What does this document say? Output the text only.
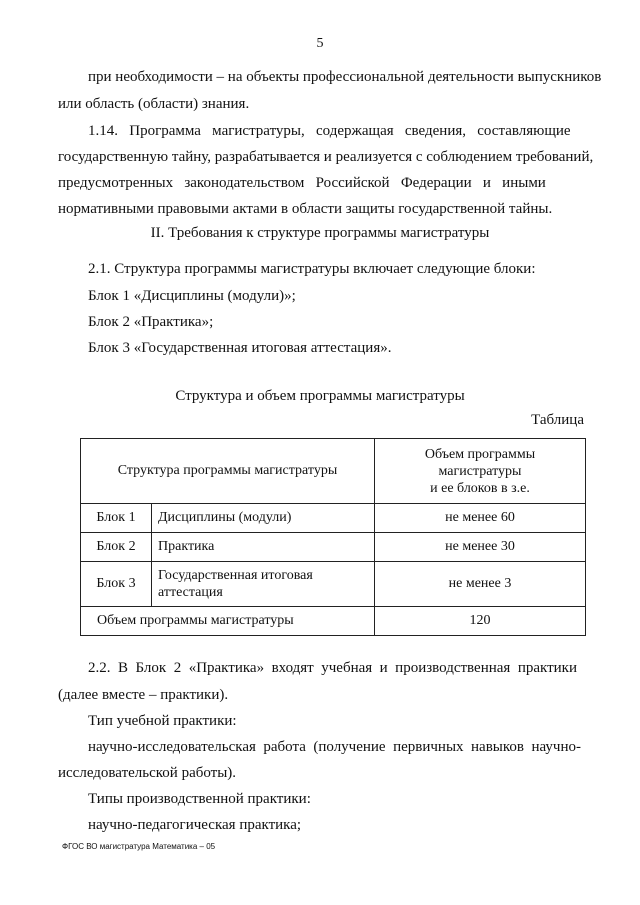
5
при необходимости – на объекты профессиональной деятельности выпускников
или область (области) знания.
1.14.   Программа   магистратуры,   содержащая   сведения,   составляющие
государственную тайну, разрабатывается и реализуется с соблюдением требований,
предусмотренных   законодательством   Российской   Федерации   и   иными
нормативными правовыми актами в области защиты государственной тайны.
II. Требования к структуре программы магистратуры
2.1. Структура программы магистратуры включает следующие блоки:
Блок 1 «Дисциплины (модули)»;
Блок 2 «Практика»;
Блок 3 «Государственная итоговая аттестация».
Структура и объем программы магистратуры
Таблица
Структура программы магистратуры		Объем программы
магистратуры
и ее блоков в з.е.

Блок 1	Дисциплины (модули)	не менее 60
Блок 2	Практика	не менее 30
Блок 3	Государственная итоговая аттестация	не менее 3
Объем программы магистратуры		120
2.2.  В  Блок  2  «Практика»  входят  учебная  и  производственная  практики
(далее вместе – практики).
Тип учебной практики:
научно-исследовательская  работа  (получение  первичных  навыков  научно-
исследовательской работы).
Типы производственной практики:
научно-педагогическая практика;
ФГОС ВО магистратура Математика – 05
